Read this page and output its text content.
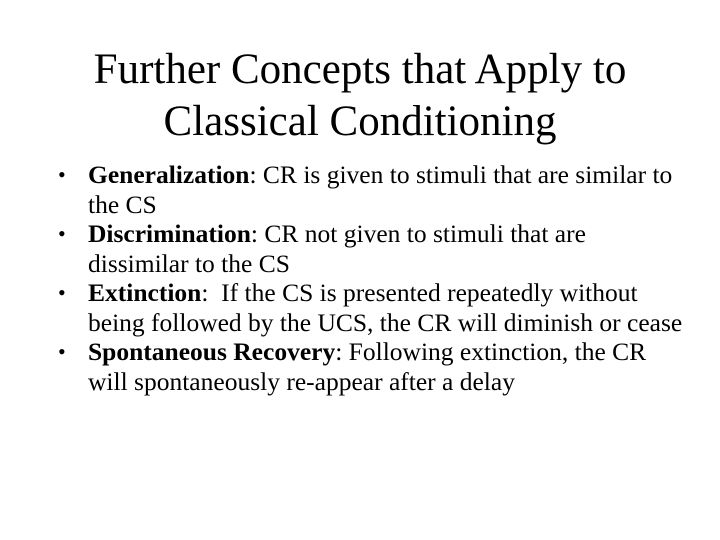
Further Concepts that Apply to
Classical Conditioning
• Generalization: CR is given to stimuli that are similar to the CS
• Discrimination: CR not given to stimuli that are dissimilar to the CS
• Extinction:  If the CS is presented repeatedly without being followed by the UCS, the CR will diminish or cease
• Spontaneous Recovery: Following extinction, the CR will spontaneously re-appear after a delay
